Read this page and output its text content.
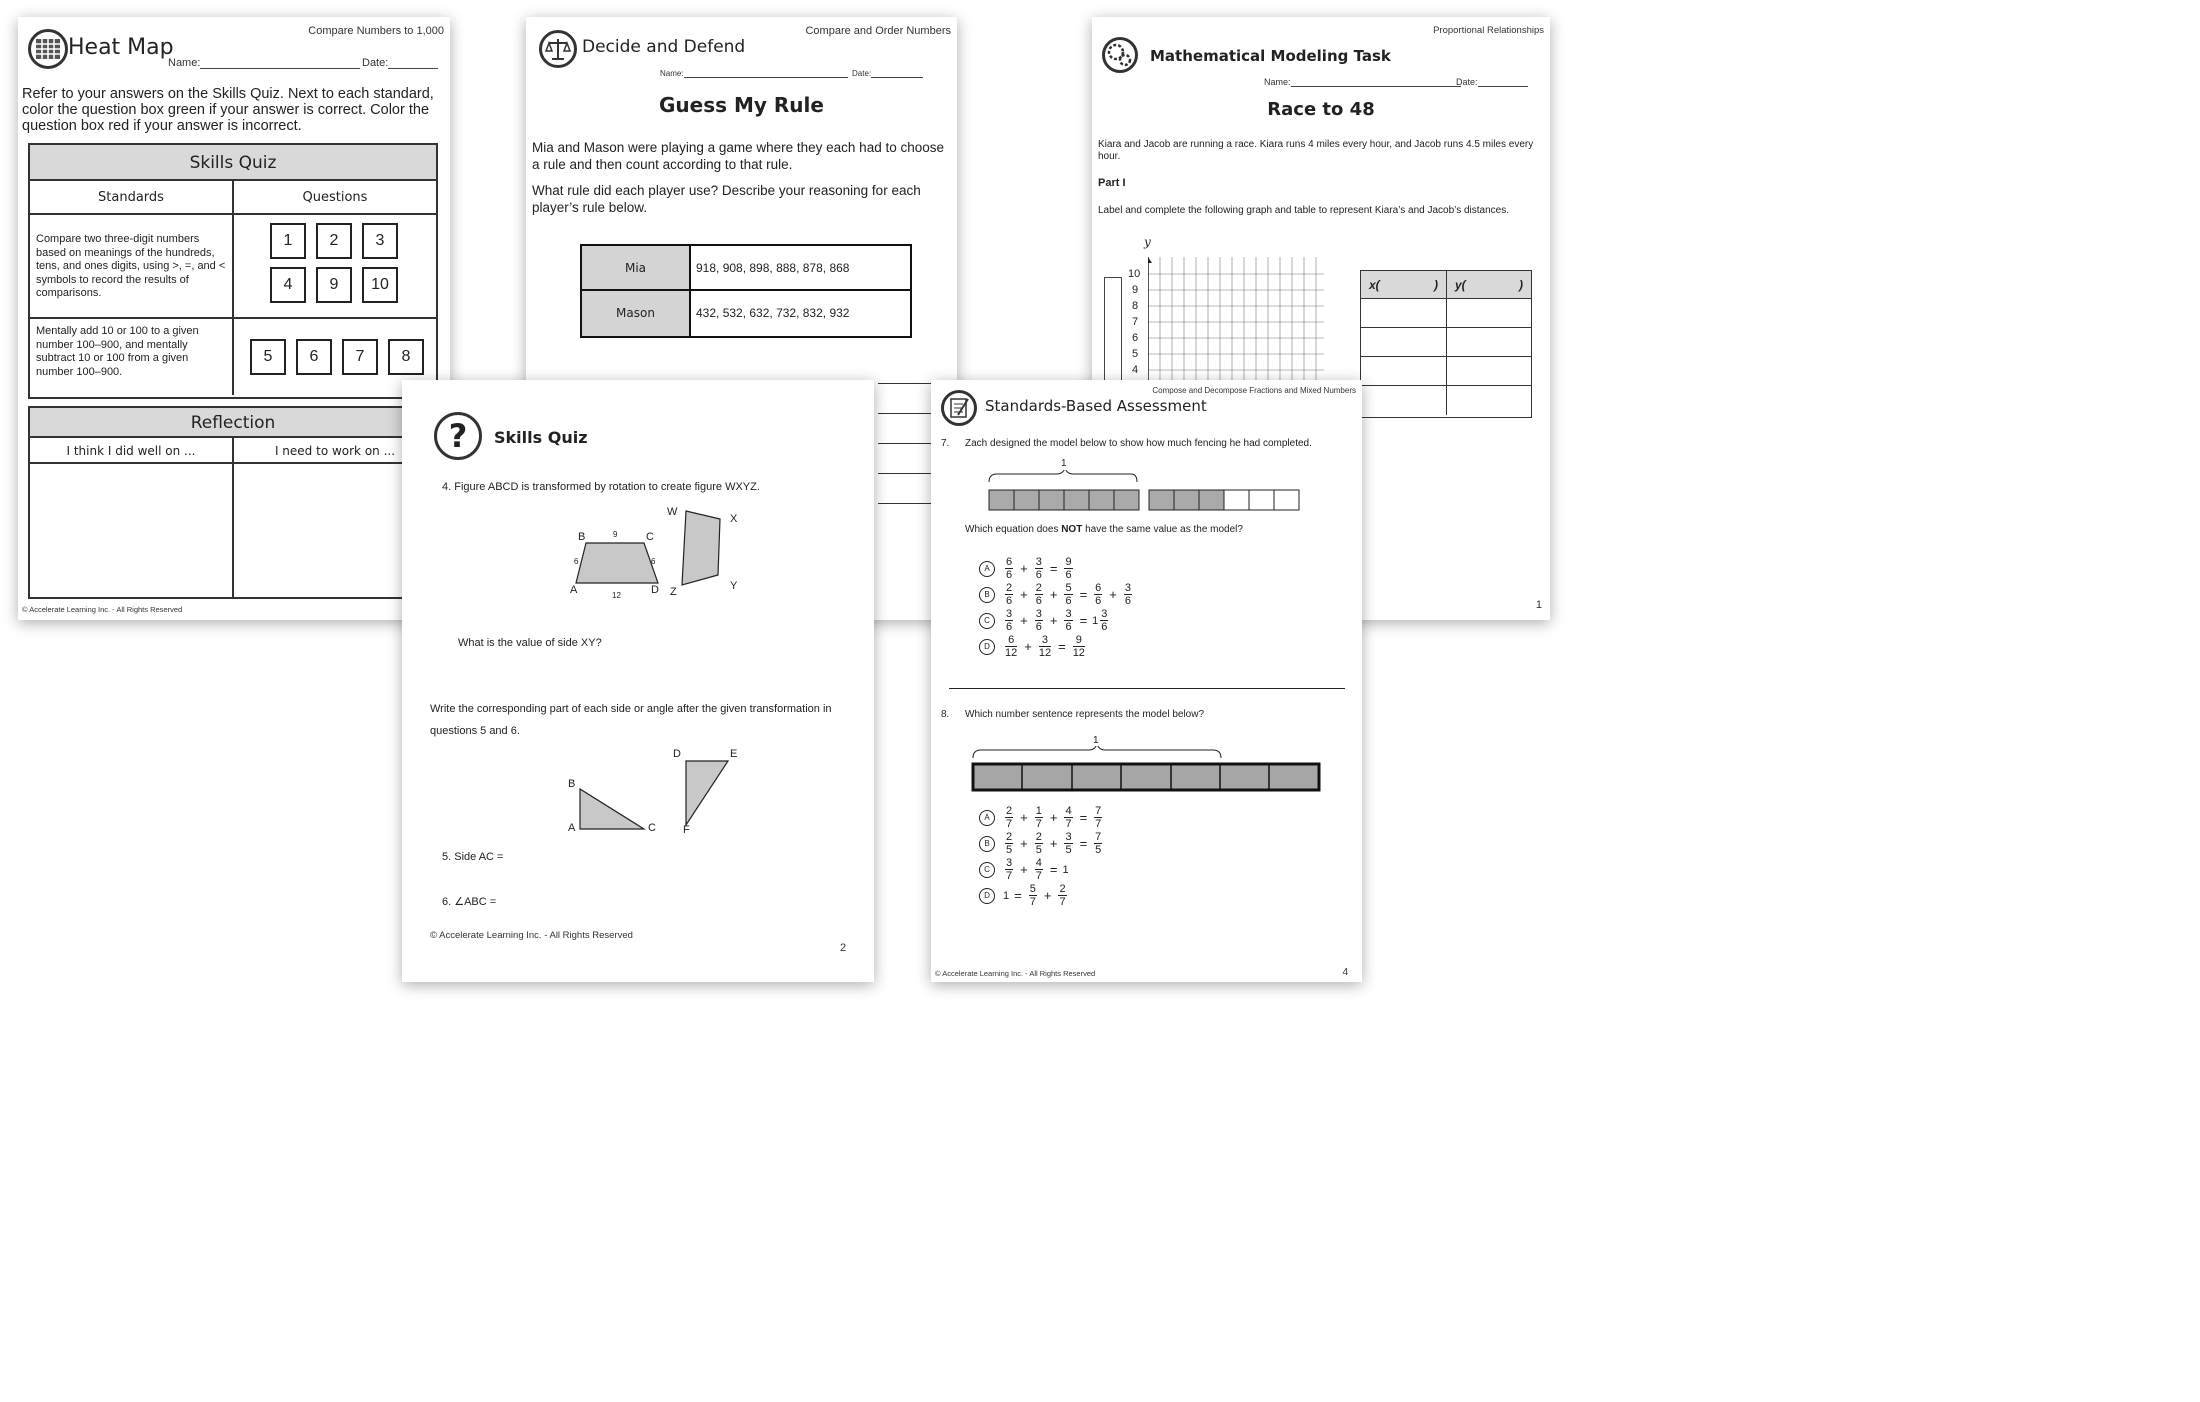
Compare Numbers to 1,000
Heat Map
Name:	Date:
Refer to your answers on the Skills Quiz. Next to each standard, color the question box green if your answer is correct. Color the question box red if your answer is incorrect.
Skills Quiz
Standards	Questions
Compare two three-digit numbers based on meanings of the hundreds, tens, and ones digits, using >, =, and < symbols to record the results of comparisons.
1	2	3
4	9	10
Mentally add 10 or 100 to a given number 100–900, and mentally subtract 10 or 100 from a given number 100–900.
5	6	7	8
Reflection
I think I did well on ...	I need to work on ...
© Accelerate Learning Inc. - All Rights Reserved
Compare and Order Numbers
Decide and Defend
Name:	Date:
Guess My Rule
Mia and Mason were playing a game where they each had to choose a rule and then count according to that rule.
What rule did each player use? Describe your reasoning for each player’s rule below.
Mia	918, 908, 898, 888, 878, 868
Mason	432, 532, 632, 732, 832, 932
Proportional Relationships
Mathematical Modeling Task
Name:	Date:
Race to 48
Kiara and Jacob are running a race. Kiara runs 4 miles every hour, and Jacob runs 4.5 miles every hour.
Part I
Label and complete the following graph and table to represent Kiara’s and Jacob’s distances.
y
10
9
8
7
6
5
4
x(	) y(	)
1
?	Skills Quiz
4. Figure ABCD is transformed by rotation to create figure WXYZ.
B	C
A	D
9
6	6
12
W
X
Y
Z
What is the value of side XY?
Write the corresponding part of each side or angle after the given transformation in
questions 5 and 6.
B
A	C
D	E
F
5. Side AC =
6. ∠ABC =
© Accelerate Learning Inc. - All Rights Reserved
2
Compose and Decompose Fractions and Mixed Numbers
Standards-Based Assessment
7. Zach designed the model below to show how much fencing he had completed.
1
Which equation does NOT have the same value as the model?
A	$\frac{6}{6} + \frac{3}{6} = \frac{9}{6}$
B	$\frac{2}{6} + \frac{2}{6} + \frac{5}{6} = \frac{6}{6} + \frac{3}{6}$
C	$\frac{3}{6} + \frac{3}{6} + \frac{3}{6} = 1 \frac{3}{6}$
D	$\frac{6}{12} + \frac{3}{12} = \frac{9}{12}$
8. Which number sentence represents the model below?
1
A	$\frac{2}{7} + \frac{1}{7} + \frac{4}{7} = \frac{7}{7}$
B	$\frac{2}{5} + \frac{2}{5} + \frac{3}{5} = \frac{7}{5}$
C	$\frac{3}{7} + \frac{4}{7} = 1$
D	$1 = \frac{5}{7} + \frac{2}{7}$
© Accelerate Learning Inc. - All Rights Reserved	4
